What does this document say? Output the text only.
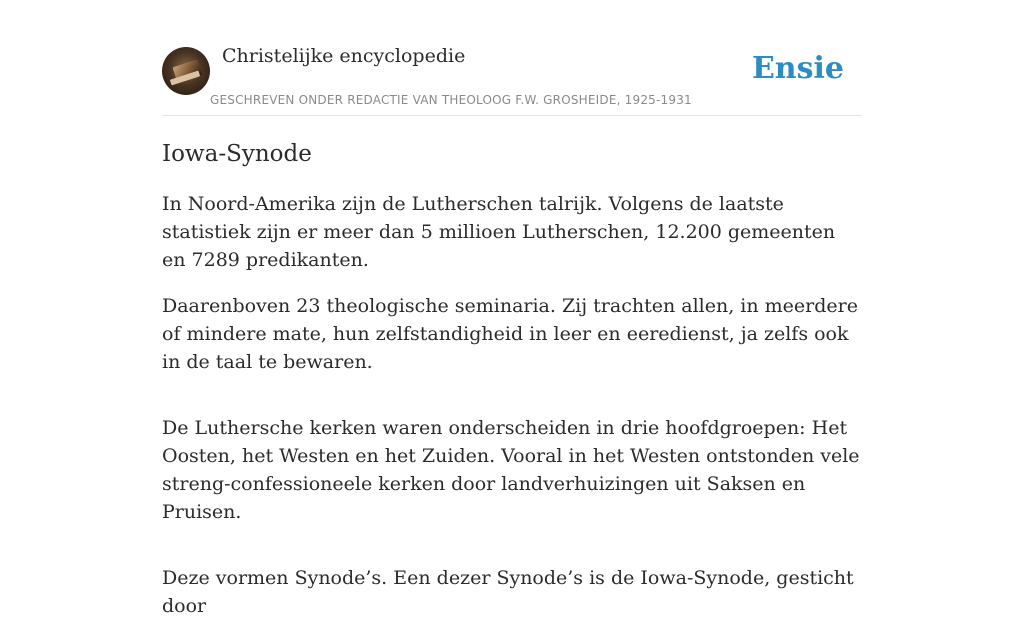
Christelijke encyclopedie
GESCHREVEN ONDER REDACTIE VAN THEOLOOG F.W. GROSHEIDE, 1925-1931
Ensie
Iowa-Synode

In Noord-Amerika zijn de Lutherschen talrijk. Volgens de laatste statistiek zijn er meer dan 5 millioen Lutherschen, 12.200 gemeenten en 7289 predikanten.

Daarenboven 23 theologische seminaria. Zij trachten allen, in meerdere of mindere mate, hun zelfstandigheid in leer en eeredienst, ja zelfs ook in de taal te bewaren.

De Luthersche kerken waren onderscheiden in drie hoofdgroepen: Het Oosten, het Westen en het Zuiden. Vooral in het Westen ontstonden vele streng-confessioneele kerken door landverhuizingen uit Saksen en Pruisen.

Deze vormen Synode’s. Een dezer Synode’s is de Iowa-Synode, gesticht door
